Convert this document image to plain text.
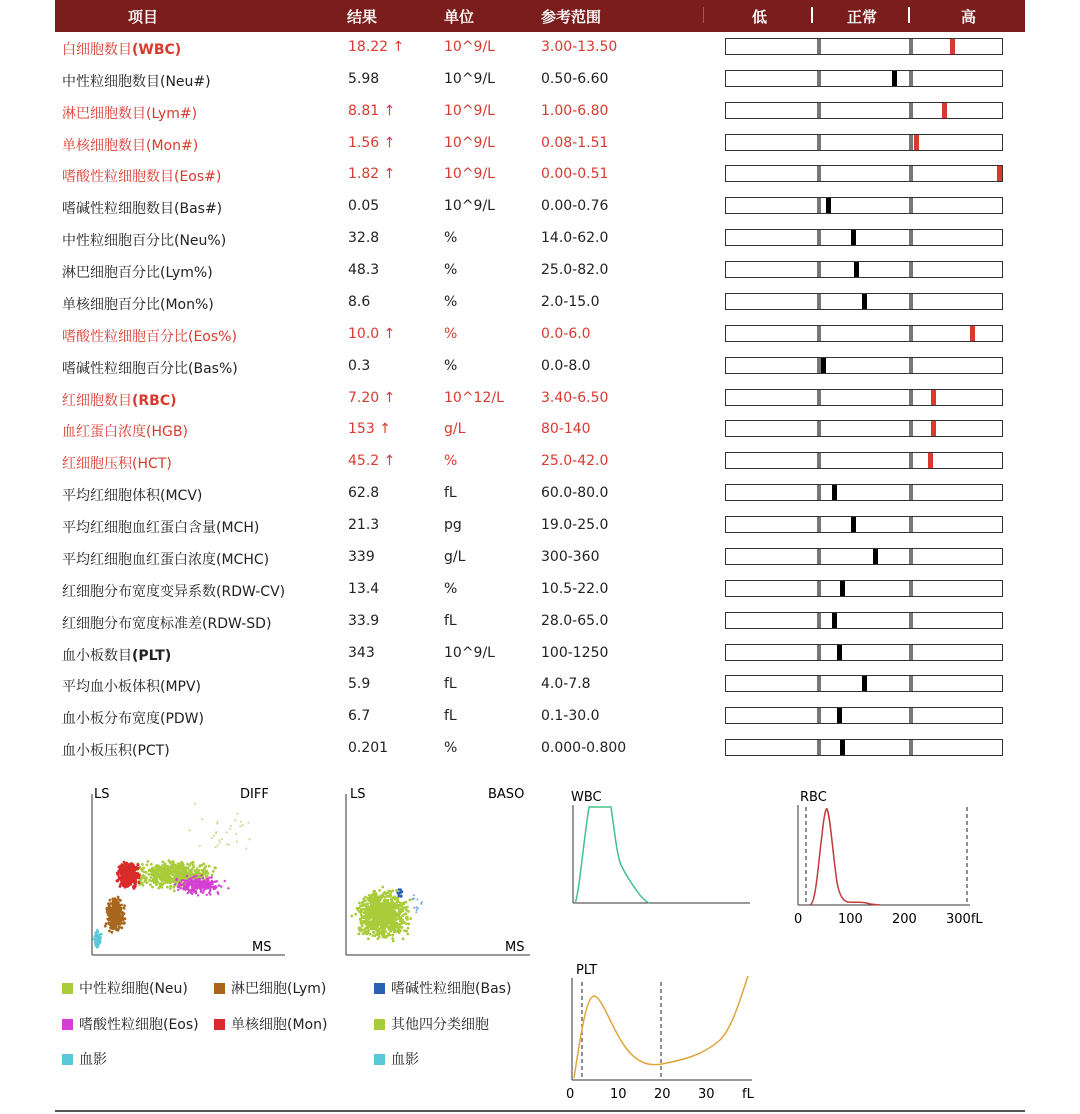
项目	结果	单位	参考范围	低	正常	高
白细胞数目(WBC)	18.22 ↑	10^9/L	3.00-13.50
中性粒细胞数目(Neu#)	5.98	10^9/L	0.50-6.60
淋巴细胞数目(Lym#)	8.81 ↑	10^9/L	1.00-6.80
单核细胞数目(Mon#)	1.56 ↑	10^9/L	0.08-1.51
嗜酸性粒细胞数目(Eos#)	1.82 ↑	10^9/L	0.00-0.51
嗜碱性粒细胞数目(Bas#)	0.05	10^9/L	0.00-0.76
中性粒细胞百分比(Neu%)	32.8	%	14.0-62.0
淋巴细胞百分比(Lym%)	48.3	%	25.0-82.0
单核细胞百分比(Mon%)	8.6	%	2.0-15.0
嗜酸性粒细胞百分比(Eos%)	10.0 ↑	%	0.0-6.0
嗜碱性粒细胞百分比(Bas%)	0.3	%	0.0-8.0
红细胞数目(RBC)	7.20 ↑	10^12/L	3.40-6.50
血红蛋白浓度(HGB)	153 ↑	g/L	80-140
红细胞压积(HCT)	45.2 ↑	%	25.0-42.0
平均红细胞体积(MCV)	62.8	fL	60.0-80.0
平均红细胞血红蛋白含量(MCH)	21.3	pg	19.0-25.0
平均红细胞血红蛋白浓度(MCHC)	339	g/L	300-360
红细胞分布宽度变异系数(RDW-CV)	13.4	%	10.5-22.0
红细胞分布宽度标准差(RDW-SD)	33.9	fL	28.0-65.0
血小板数目(PLT)	343	10^9/L	100-1250
平均血小板体积(MPV)	5.9	fL	4.0-7.8
血小板分布宽度(PDW)	6.7	fL	0.1-30.0
血小板压积(PCT)	0.201	%	0.000-0.800
LS	DIFF
MS
LS	BASO
MS
WBC	RBC
0	100 200 300fL
PLT
0	10 20 30 fL
中性粒细胞(Neu)	淋巴细胞(Lym)
嗜酸性粒细胞(Eos)	单核细胞(Mon)
血影
嗜碱性粒细胞(Bas)
其他四分类细胞
血影
